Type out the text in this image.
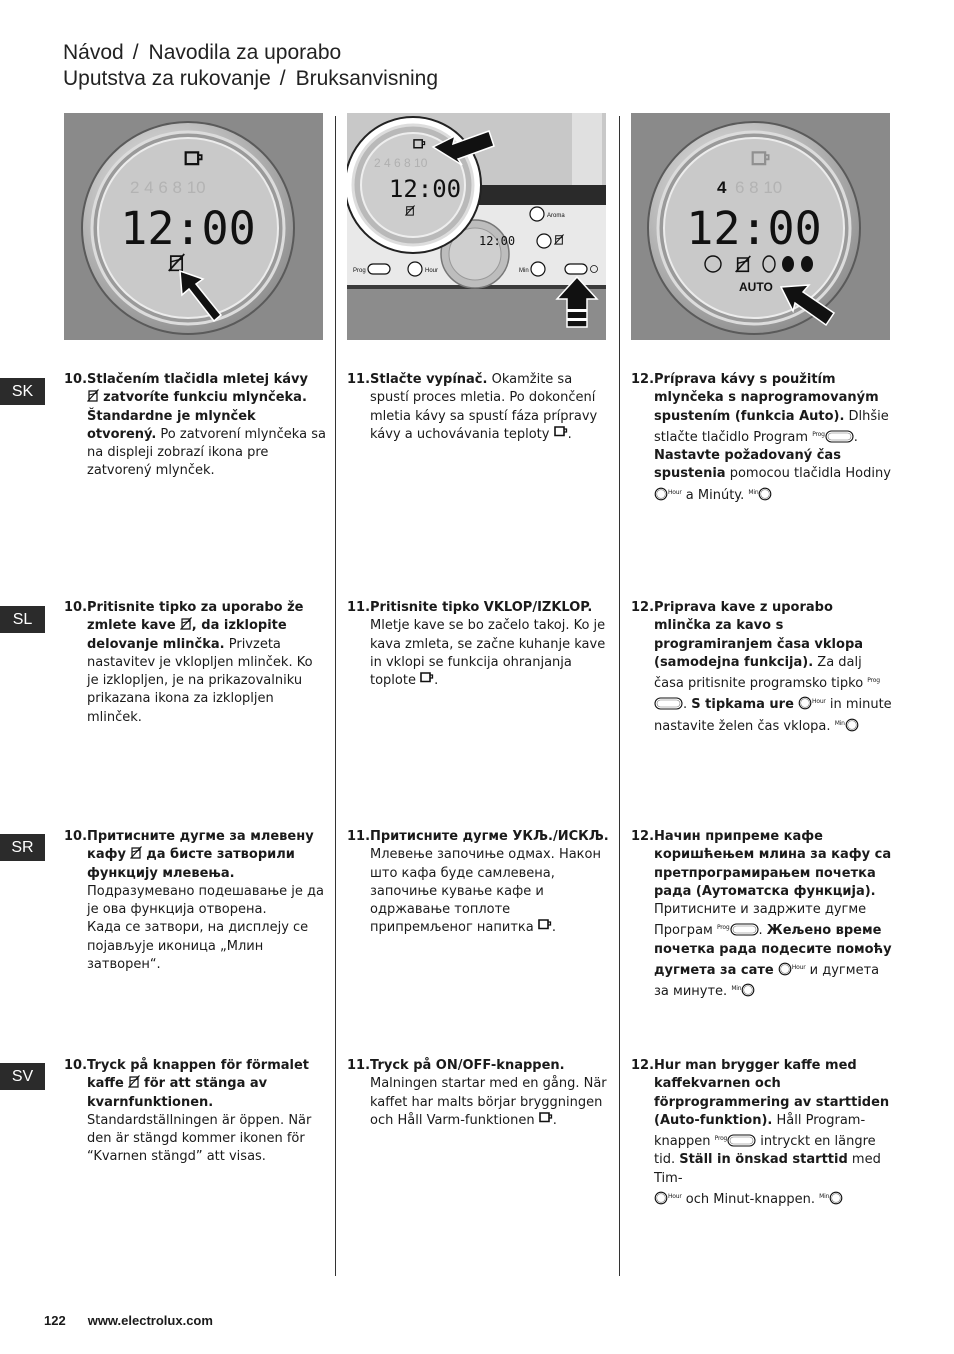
Návod / Navodila za uporabo
Uputstva za rukovanje / Bruksanvisning
2 4 6 8 10
12:00	12:00
2 4 6 8 10
12:00
Aroma
Prog	Hour	Min
4 6 8 10
12:00
AUTO
SK
SL
SR
SV
10. Stlačením tlačidla mletej kávy
zatvoríte funkciu mlynčeka. Štandardne je mlynček otvorený. Po zatvorení mlynčeka sa na displeji zobrazí ikona pre zatvorený mlynček.
11. Stlačte vypínač. Okamžite sa spustí proces mletia. Po dokončení mletia kávy sa spustí fáza prípravy kávy a uchovávania teploty .
12. Príprava kávy s použitím mlynčeka s naprogramovaným spustením (funkcia Auto). Dlhšie stlačte tlačidlo Program $^{Prog}$ . Nastavte požadovaný čas spustenia pomocou tlačidla Hodiny $^{Hour}$ a Minúty. $^{Min}$
10. Pritisnite tipko za uporabo že zmlete kave , da izklopite delovanje mlinčka. Privzeta nastavitev je vklopljen mlinček. Ko je izklopljen, je na prikazovalniku prikazana ikona za izklopljen mlinček.
11. Pritisnite tipko VKLOP/IZKLOP. Mletje kave se bo začelo takoj. Ko je kava zmleta, se začne kuhanje kave in vklopi se funkcija ohranjanja toplote .
12. Priprava kave z uporabo mlinčka za kavo s programiranjem časa vklopa (samodejna funkcija). Za dalj časa pritisnite programsko tipko $^{Prog}$. S tipkama ure	$^{Hour}$ in minute nastavite želen čas vklopa. $^{Min}$
10. Притисните дугме за млевену кафу да бисте затворили функцију млевења. Подразумевано подешавање је да је ова функција отворена.
Када се затвори, на дисплеју се појављује иконица „Млин затворен“.
11. Притисните дугме УКЉ./ИСКЉ. Млевење започиње одмах. Након што кафа буде самлевена, започиње кување кафе и одржавање топлоте припремљеног напитка .
12. Начин припреме кафе коришћењем млина за кафу са претпрограмирањем почетка рада (Аутоматска функција). Притисните и задржите дугме Програм $^{Prog}$ . Жељено време почетка рада подесите помоћу дугмета за сате	$^{Hour}$ и дугмета за минуте. $^{Min}$
10. Tryck på knappen för förmalet kaffe för att stänga av kvarnfunktionen. Standardställningen är öppen. När den är stängd kommer ikonen för “Kvarnen stängd” att visas.
11. Tryck på ON/OFF-knappen. Malningen startar med en gång. När kaffet har malts börjar bryggningen och Håll Varm-funktionen .
12. Hur man brygger kaffe med kaffekvarnen och förprogrammering av starttiden (Auto-funktion). Håll Program-knappen $^{Prog}$	intryckt en längre tid. Ställ in önskad starttid med Tim-
$^{Hour}$ och Minut-knappen. $^{Min}$
122 www.electrolux.com
